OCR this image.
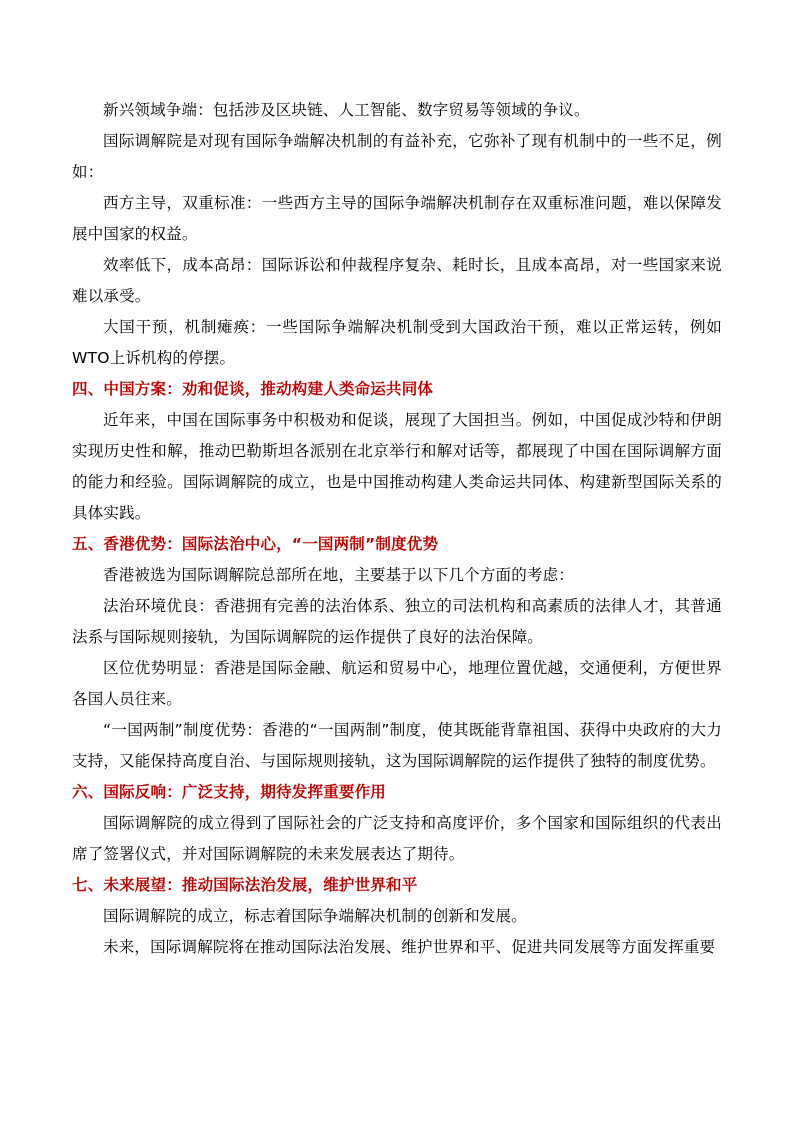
新兴领域争端：包括涉及区块链、人工智能、数字贸易等领域的争议。

国际调解院是对现有国际争端解决机制的有益补充，它弥补了现有机制中的一些不足，例如：

西方主导，双重标准：一些西方主导的国际争端解决机制存在双重标准问题，难以保障发展中国家的权益。

效率低下，成本高昂：国际诉讼和仲裁程序复杂、耗时长，且成本高昂，对一些国家来说难以承受。

大国干预，机制瘫痪：一些国际争端解决机制受到大国政治干预，难以正常运转，例如WTO上诉机构的停摆。

四、中国方案：劝和促谈，推动构建人类命运共同体

近年来，中国在国际事务中积极劝和促谈，展现了大国担当。例如，中国促成沙特和伊朗实现历史性和解，推动巴勒斯坦各派别在北京举行和解对话等，都展现了中国在国际调解方面的能力和经验。国际调解院的成立，也是中国推动构建人类命运共同体、构建新型国际关系的具体实践。

五、香港优势：国际法治中心，“一国两制”制度优势

香港被选为国际调解院总部所在地，主要基于以下几个方面的考虑：

法治环境优良：香港拥有完善的法治体系、独立的司法机构和高素质的法律人才，其普通法系与国际规则接轨，为国际调解院的运作提供了良好的法治保障。

区位优势明显：香港是国际金融、航运和贸易中心，地理位置优越，交通便利，方便世界各国人员往来。

“一国两制”制度优势：香港的“一国两制”制度，使其既能背靠祖国、获得中央政府的大力支持，又能保持高度自治、与国际规则接轨，这为国际调解院的运作提供了独特的制度优势。

六、国际反响：广泛支持，期待发挥重要作用

国际调解院的成立得到了国际社会的广泛支持和高度评价，多个国家和国际组织的代表出席了签署仪式，并对国际调解院的未来发展表达了期待。

七、未来展望：推动国际法治发展，维护世界和平

国际调解院的成立，标志着国际争端解决机制的创新和发展。

未来，国际调解院将在推动国际法治发展、维护世界和平、促进共同发展等方面发挥重要
